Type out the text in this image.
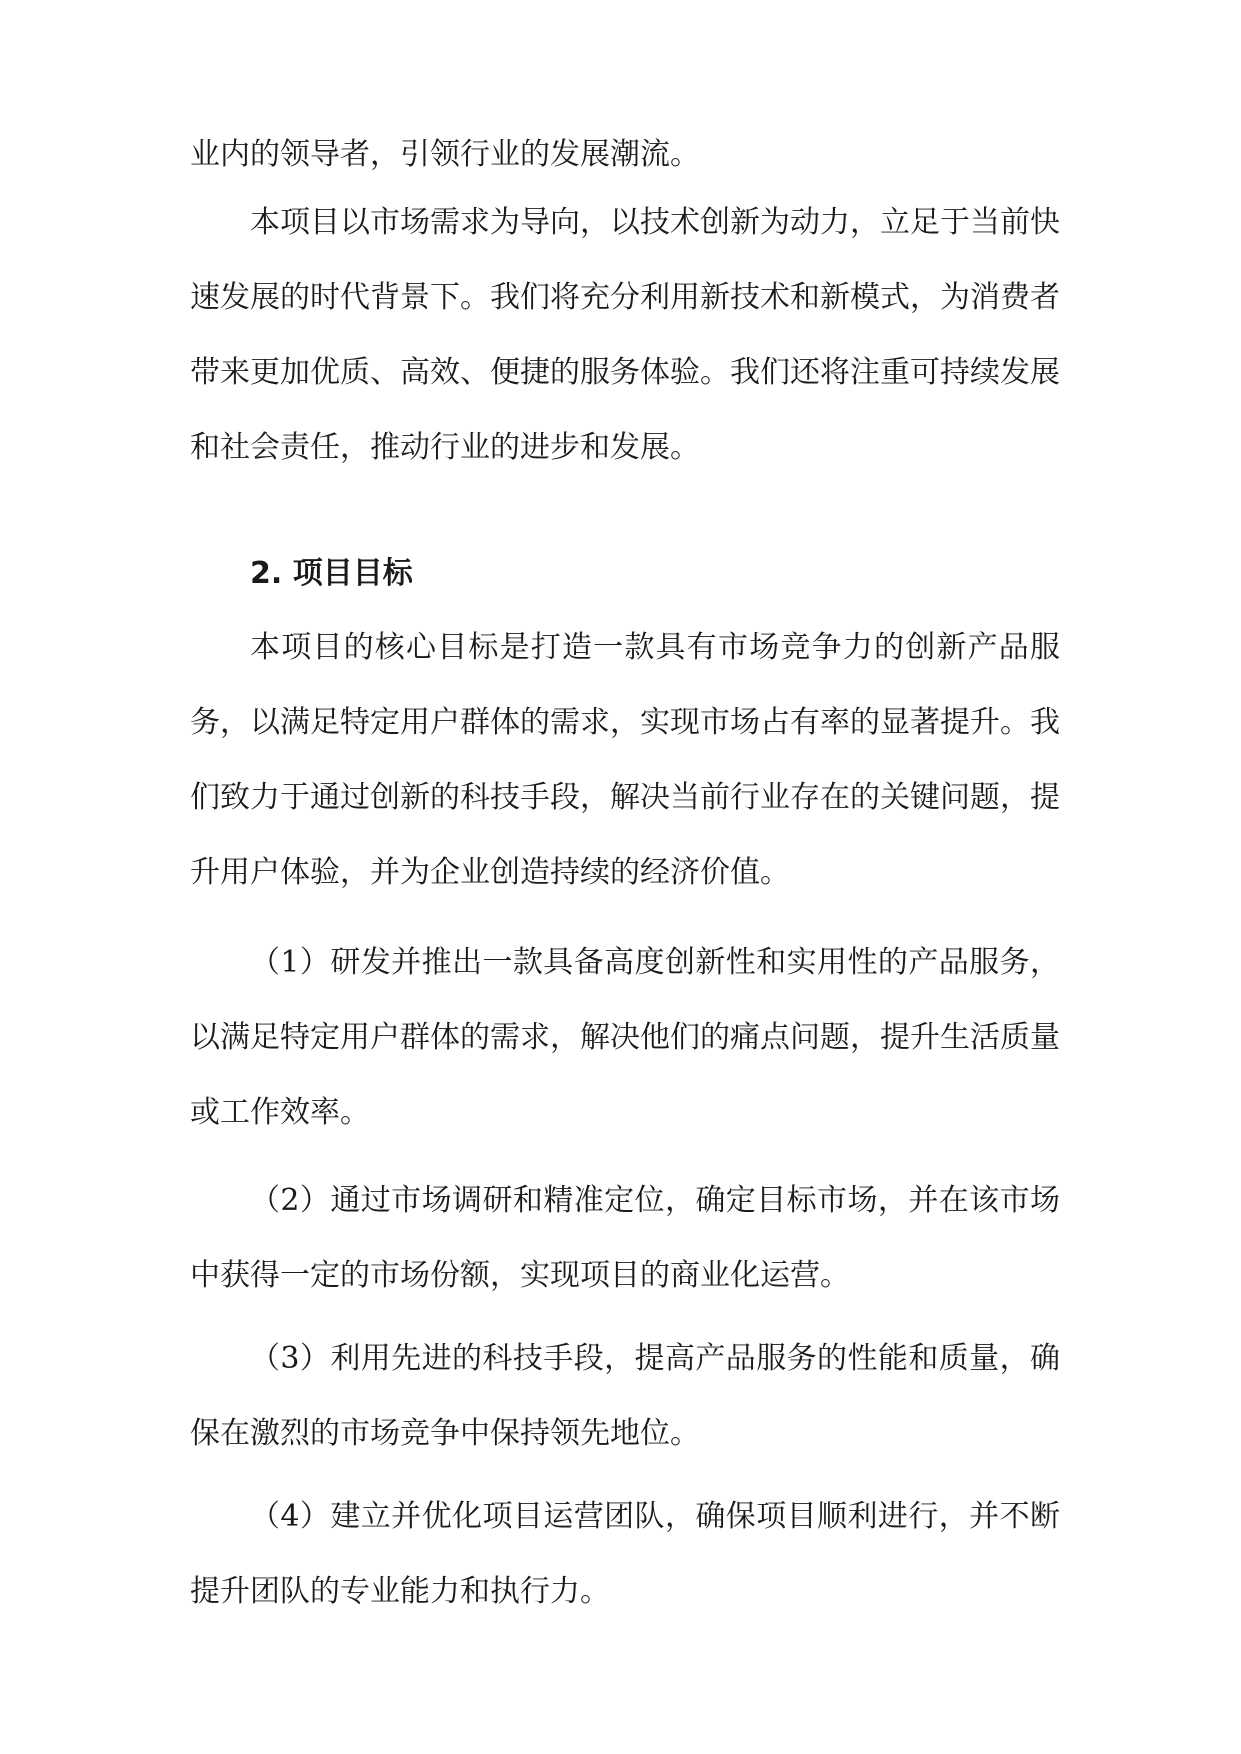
业内的领导者，引领行业的发展潮流。

本项目以市场需求为导向，以技术创新为动力，立足于当前快速发展的时代背景下。我们将充分利用新技术和新模式，为消费者带来更加优质、高效、便捷的服务体验。我们还将注重可持续发展和社会责任，推动行业的进步和发展。

2. 项目目标

本项目的核心目标是打造一款具有市场竞争力的创新产品服务，以满足特定用户群体的需求，实现市场占有率的显著提升。我们致力于通过创新的科技手段，解决当前行业存在的关键问题，提升用户体验，并为企业创造持续的经济价值。

（1）研发并推出一款具备高度创新性和实用性的产品服务，以满足特定用户群体的需求，解决他们的痛点问题，提升生活质量或工作效率。

（2）通过市场调研和精准定位，确定目标市场，并在该市场中获得一定的市场份额，实现项目的商业化运营。

（3）利用先进的科技手段，提高产品服务的性能和质量，确保在激烈的市场竞争中保持领先地位。

（4）建立并优化项目运营团队，确保项目顺利进行，并不断提升团队的专业能力和执行力。
